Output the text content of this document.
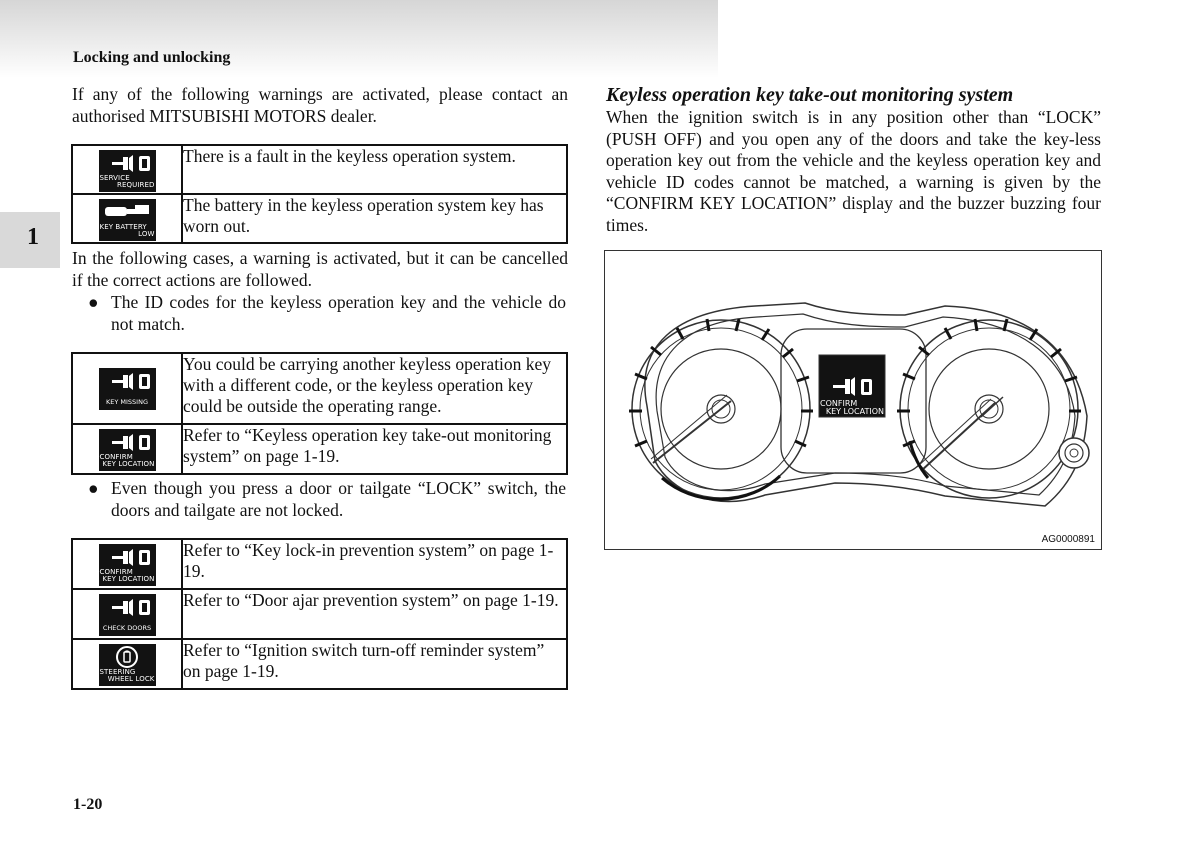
Locking and unlocking
1

If any of the following warnings are activated, please contact an authorised MITSUBISHI MOTORS dealer.

SERVICE
REQUIRED	There is a fault in the keyless operation system.

KEY BATTERY
LOW	The battery in the keyless operation system key has worn out.

In the following cases, a warning is activated, but it can be cancelled if the correct actions are followed.

● The ID codes for the keyless operation key and the vehicle do not match.
KEY MISSING	You could be carrying another keyless operation key with a different code, or the keyless operation key could be outside the operating range.

CONFIRM
KEY LOCATION	Refer to “Keyless operation key take-out monitoring system” on page 1-19.
● Even though you press a door or tailgate “LOCK” switch, the doors and tailgate are not locked.
CONFIRM
KEY LOCATION	Refer to “Key lock-in prevention system” on page 1-19.

CHECK DOORS	Refer to “Door ajar prevention system” on page 1-19.

STEERING
WHEEL LOCK	Refer to “Ignition switch turn-off reminder system” on page 1-19.
1-20

Keyless operation key take-out monitoring system

When the ignition switch is in any position other than “LOCK” (PUSH OFF) and you open any of the doors and take the key-less operation key out from the vehicle and the keyless operation key and vehicle ID codes cannot be matched, a warning is given by the “CONFIRM KEY LOCATION” display and the buzzer buzzing four times.

CONFIRM
KEY LOCATION
AG0000891
